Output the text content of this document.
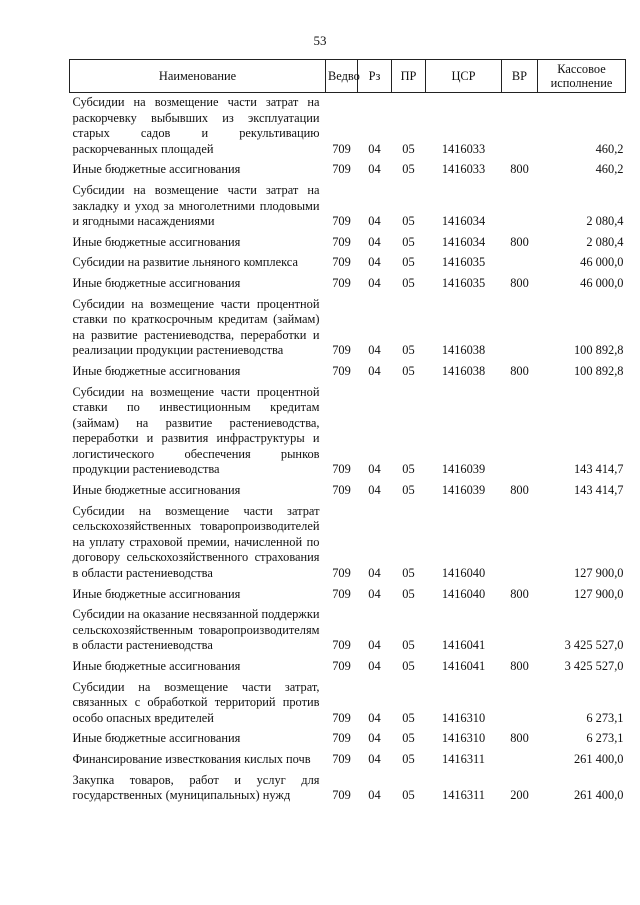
53
Наименование	Ведво	Рз	ПР	ЦСР	ВР	Кассовое исполнение
Субсидии на возмещение части затрат на раскорчевку выбывших из эксплуатации старых садов и рекультивацию раскорчеванных площадей	709	04	05	1416033		460,2
Иные бюджетные ассигнования	709	04	05	1416033	800	460,2
Субсидии на возмещение части затрат на закладку и уход за многолетними плодовыми и ягодными насаждениями	709	04	05	1416034		2 080,4
Иные бюджетные ассигнования	709	04	05	1416034	800	2 080,4
Субсидии на развитие льняного комплекса	709	04	05	1416035		46 000,0
Иные бюджетные ассигнования	709	04	05	1416035	800	46 000,0
Субсидии на возмещение части процентной ставки по краткосрочным кредитам (займам) на развитие растениеводства, переработки и реализации продукции растениеводства	709	04	05	1416038		100 892,8
Иные бюджетные ассигнования	709	04	05	1416038	800	100 892,8
Субсидии на возмещение части процентной ставки по инвестиционным кредитам (займам) на развитие растениеводства, переработки и развития инфраструктуры и логистического обеспечения рынков продукции растениеводства	709	04	05	1416039		143 414,7
Иные бюджетные ассигнования	709	04	05	1416039	800	143 414,7
Субсидии на возмещение части затрат сельскохозяйственных товаропроизводителей на уплату страховой премии, начисленной по договору сельскохозяйственного страхования в области растениеводства	709	04	05	1416040		127 900,0
Иные бюджетные ассигнования	709	04	05	1416040	800	127 900,0
Субсидии на оказание несвязанной поддержки сельскохозяйственным товаропроизводителям в области растениеводства	709	04	05	1416041		3 425 527,0
Иные бюджетные ассигнования	709	04	05	1416041	800	3 425 527,0
Субсидии на возмещение части затрат, связанных с обработкой территорий против особо опасных вредителей	709	04	05	1416310		6 273,1
Иные бюджетные ассигнования	709	04	05	1416310	800	6 273,1
Финансирование известкования кислых почв	709	04	05	1416311		261 400,0
Закупка товаров, работ и услуг для государственных (муниципальных) нужд	709	04	05	1416311	200	261 400,0
